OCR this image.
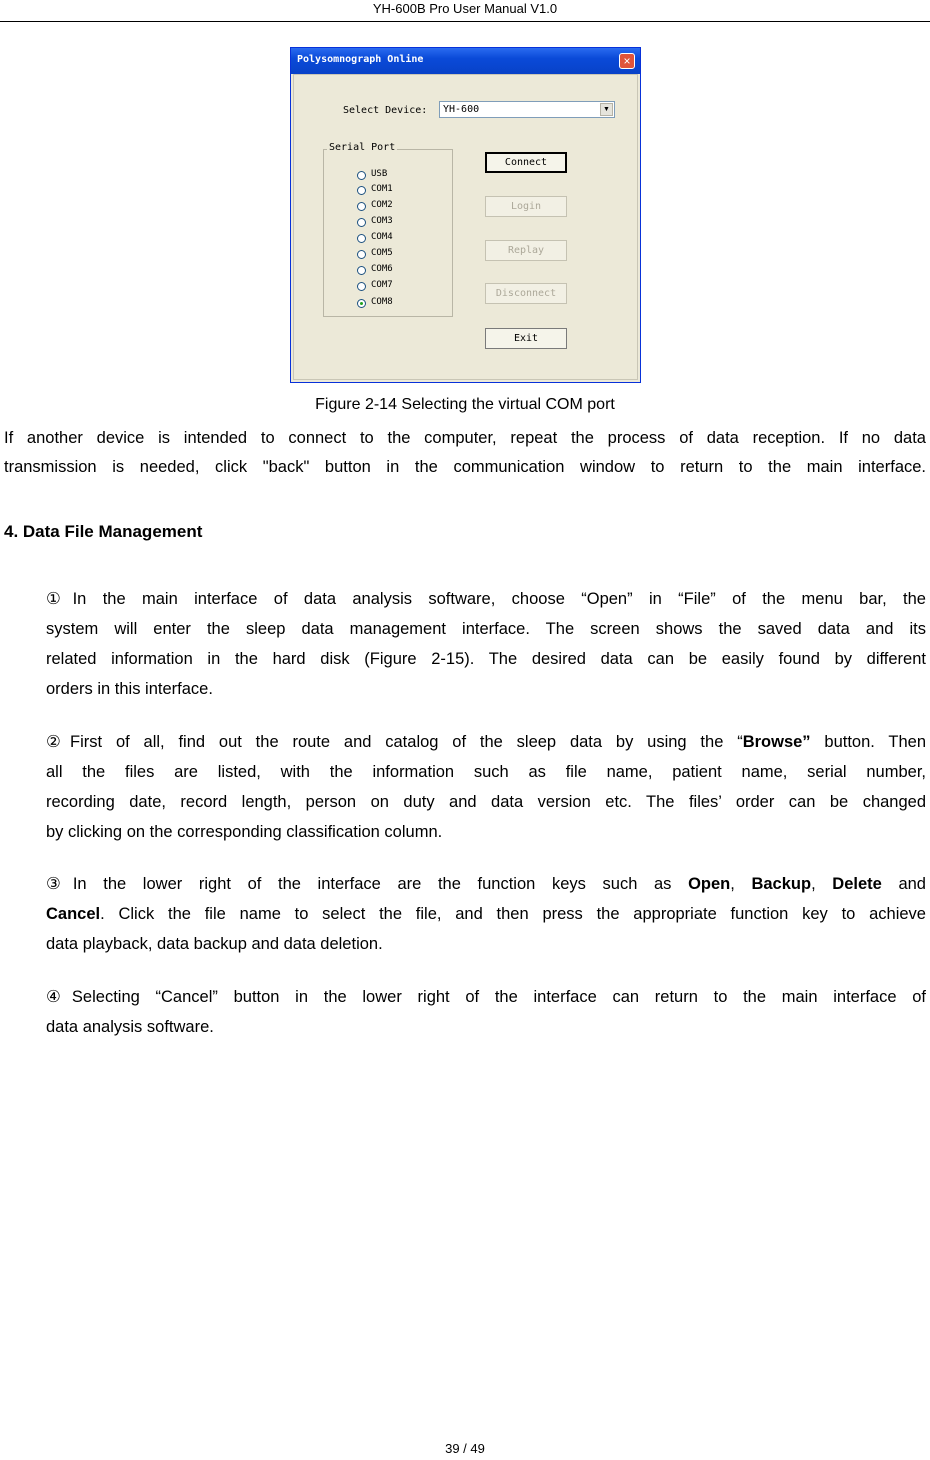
YH-600B Pro User Manual V1.0
Polysomnograph Online	×
Select Device: YH-600	▼
Serial Port
USB
COM1
COM2
COM3
COM4
COM5
COM6
COM7
COM8
Connect
Login
Replay
Disconnect
Exit
Figure 2-14 Selecting the virtual COM port
If another device is intended to connect to the computer, repeat the process of data reception. If no data
transmission is needed, click "back" button in the communication window to return to the main interface.
4. Data File Management
①In the main interface of data analysis software, choose “Open” in “File” of the menu bar, the
system will enter the sleep data management interface. The screen shows the saved data and its
related information in the hard disk (Figure 2-15). The desired data can be easily found by different
orders in this interface.
②First of all, find out the route and catalog of the sleep data by using the “Browse” button. Then
all the files are listed, with the information such as file name, patient name, serial number,
recording date, record length, person on duty and data version etc. The files’ order can be changed
by clicking on the corresponding classification column.
③In the lower right of the interface are the function keys such as Open, Backup, Delete and
Cancel. Click the file name to select the file, and then press the appropriate function key to achieve
data playback, data backup and data deletion.
④Selecting “Cancel” button in the lower right of the interface can return to the main interface of
data analysis software.
39 / 49
